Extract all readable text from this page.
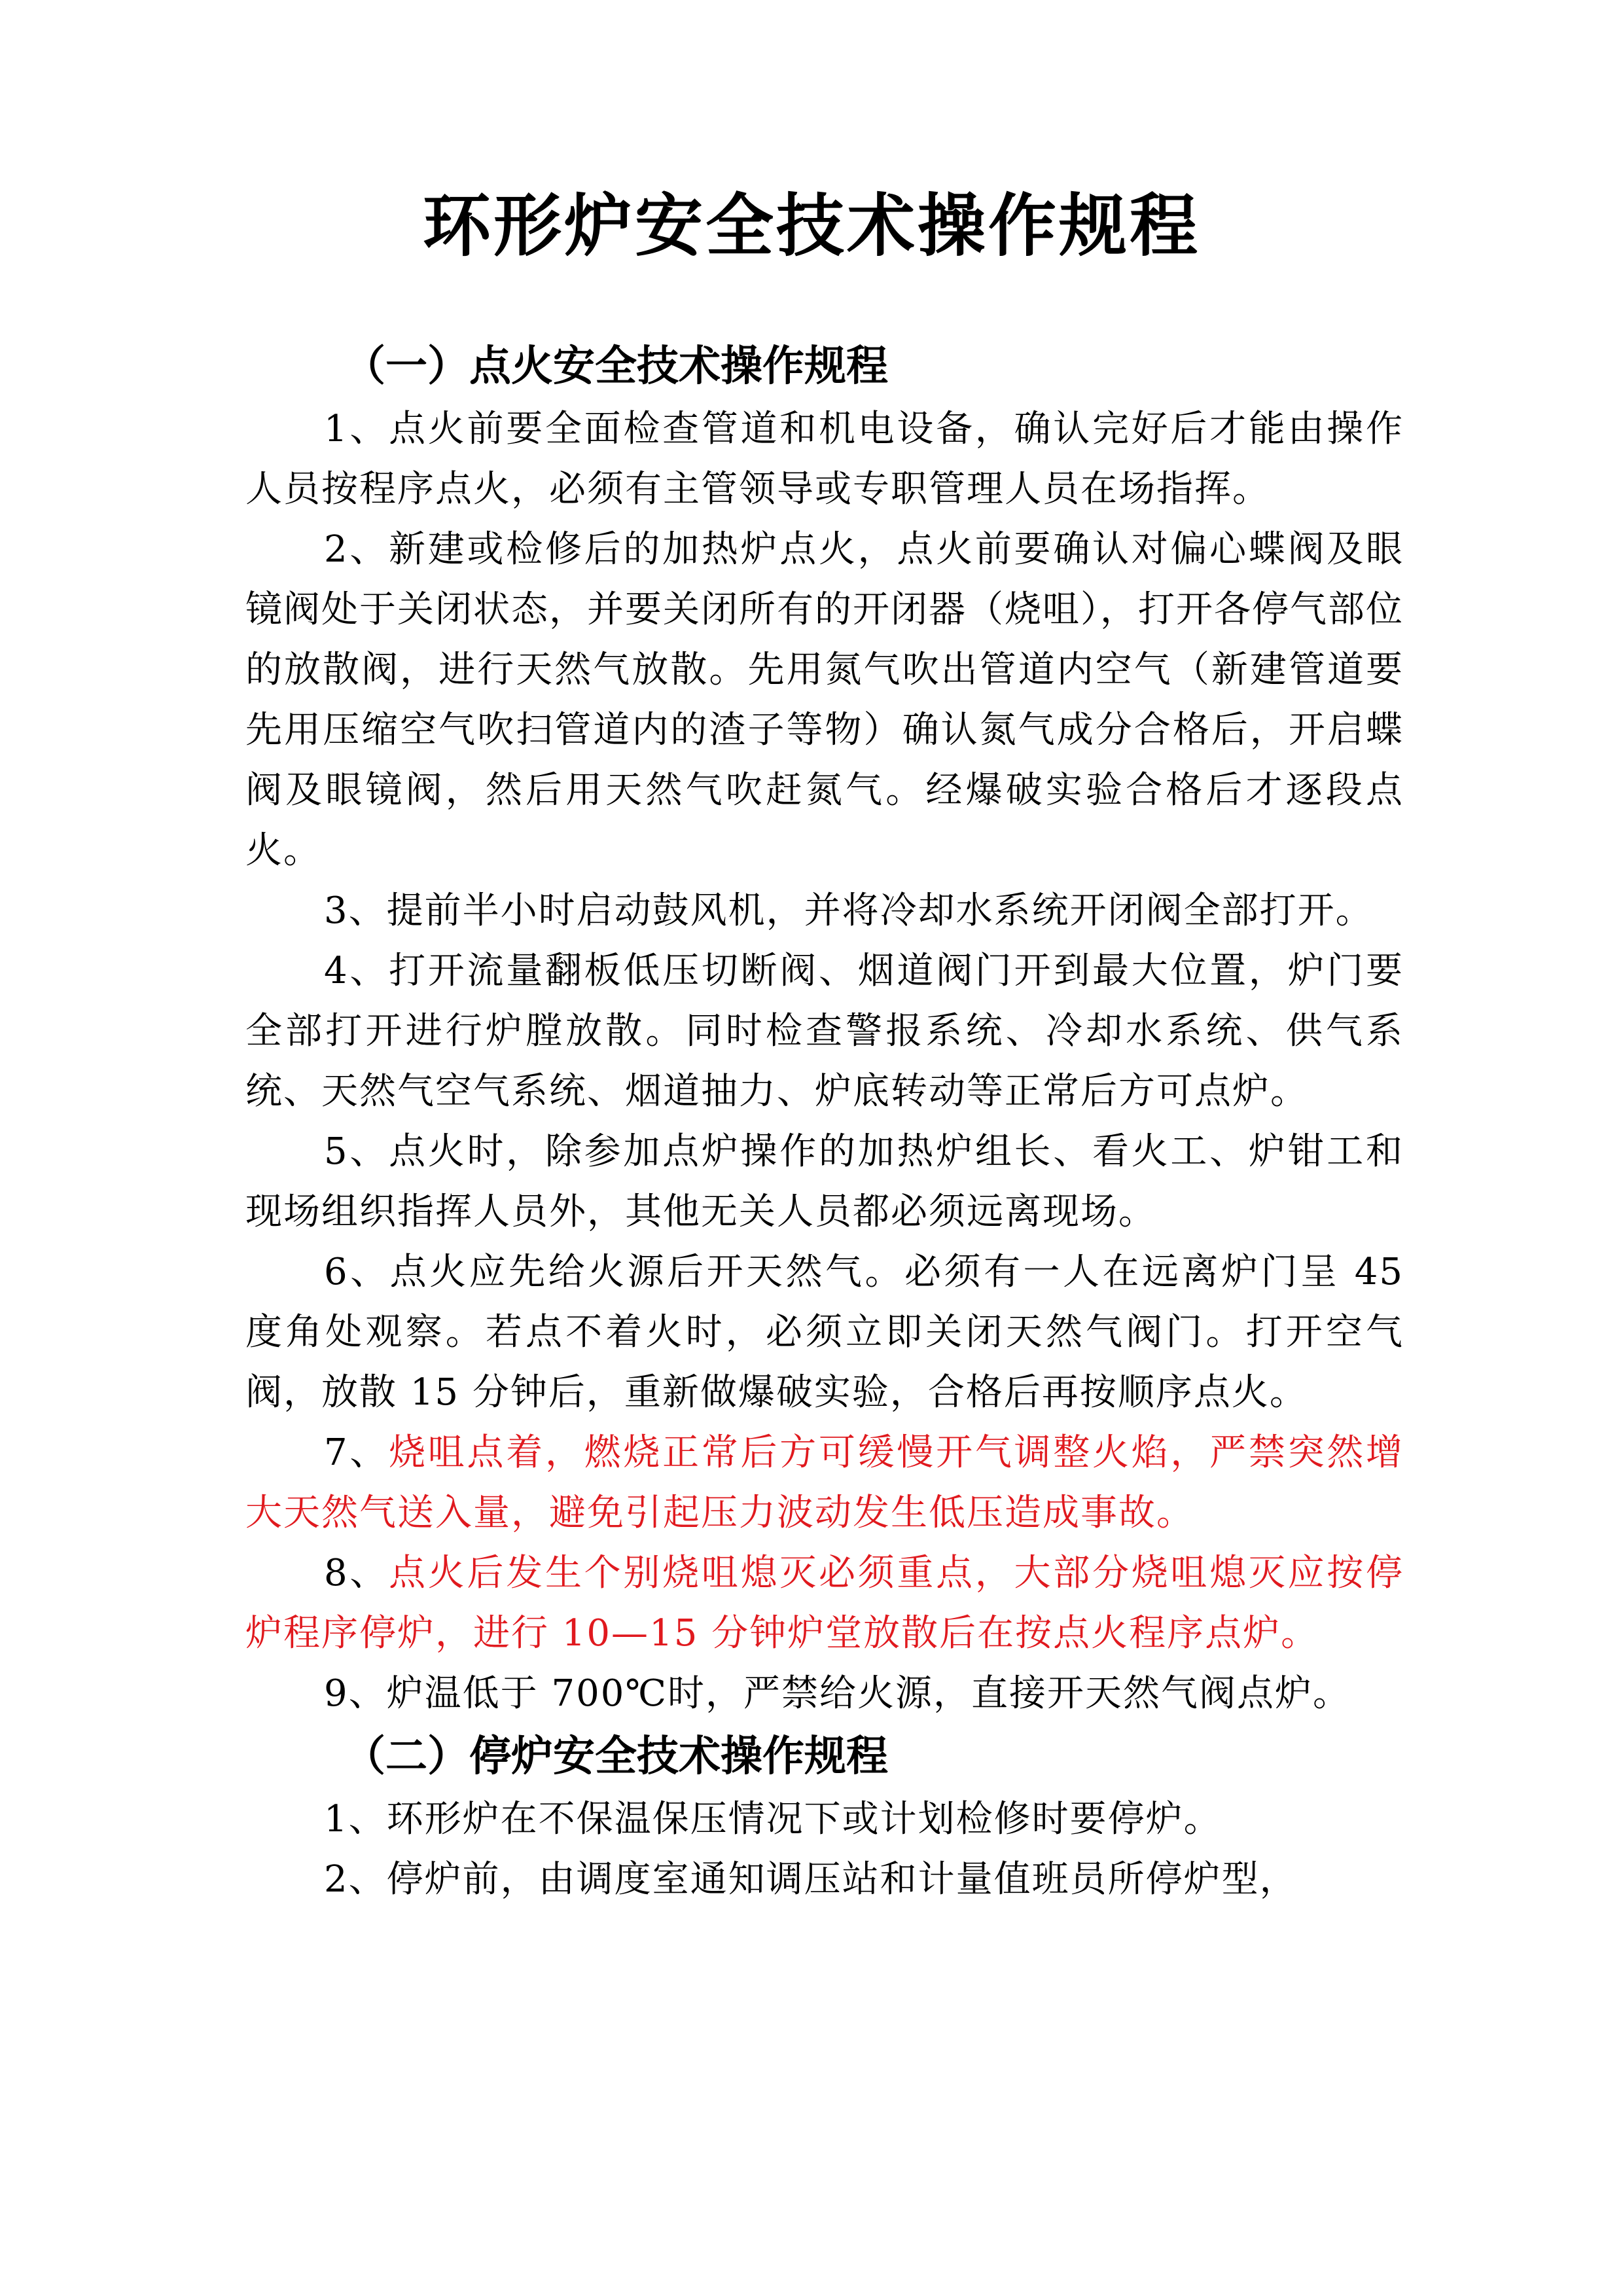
环形炉安全技术操作规程
（一）点火安全技术操作规程

1、点火前要全面检查管道和机电设备，确认完好后才能由操作人员按程序点火，必须有主管领导或专职管理人员在场指挥。

2、新建或检修后的加热炉点火，点火前要确认对偏心蝶阀及眼镜阀处于关闭状态，并要关闭所有的开闭器（烧咀），打开各停气部位的放散阀，进行天然气放散。先用氮气吹出管道内空气（新建管道要先用压缩空气吹扫管道内的渣子等物）确认氮气成分合格后，开启蝶阀及眼镜阀，然后用天然气吹赶氮气。经爆破实验合格后才逐段点火。

3、提前半小时启动鼓风机，并将冷却水系统开闭阀全部打开。

4、打开流量翻板低压切断阀、烟道阀门开到最大位置，炉门要全部打开进行炉膛放散。同时检查警报系统、冷却水系统、供气系统、天然气空气系统、烟道抽力、炉底转动等正常后方可点炉。

5、点火时，除参加点炉操作的加热炉组长、看火工、炉钳工和现场组织指挥人员外，其他无关人员都必须远离现场。

6、点火应先给火源后开天然气。必须有一人在远离炉门呈 45 度角处观察。若点不着火时，必须立即关闭天然气阀门。打开空气阀，放散 15 分钟后，重新做爆破实验，合格后再按顺序点火。

7、烧咀点着，燃烧正常后方可缓慢开气调整火焰，严禁突然增大天然气送入量，避免引起压力波动发生低压造成事故。

8、点火后发生个别烧咀熄灭必须重点，大部分烧咀熄灭应按停炉程序停炉，进行 10—15 分钟炉堂放散后在按点火程序点炉。

9、炉温低于 700℃时，严禁给火源，直接开天然气阀点炉。

（二）停炉安全技术操作规程

1、环形炉在不保温保压情况下或计划检修时要停炉。

2、停炉前，由调度室通知调压站和计量值班员所停炉型，
